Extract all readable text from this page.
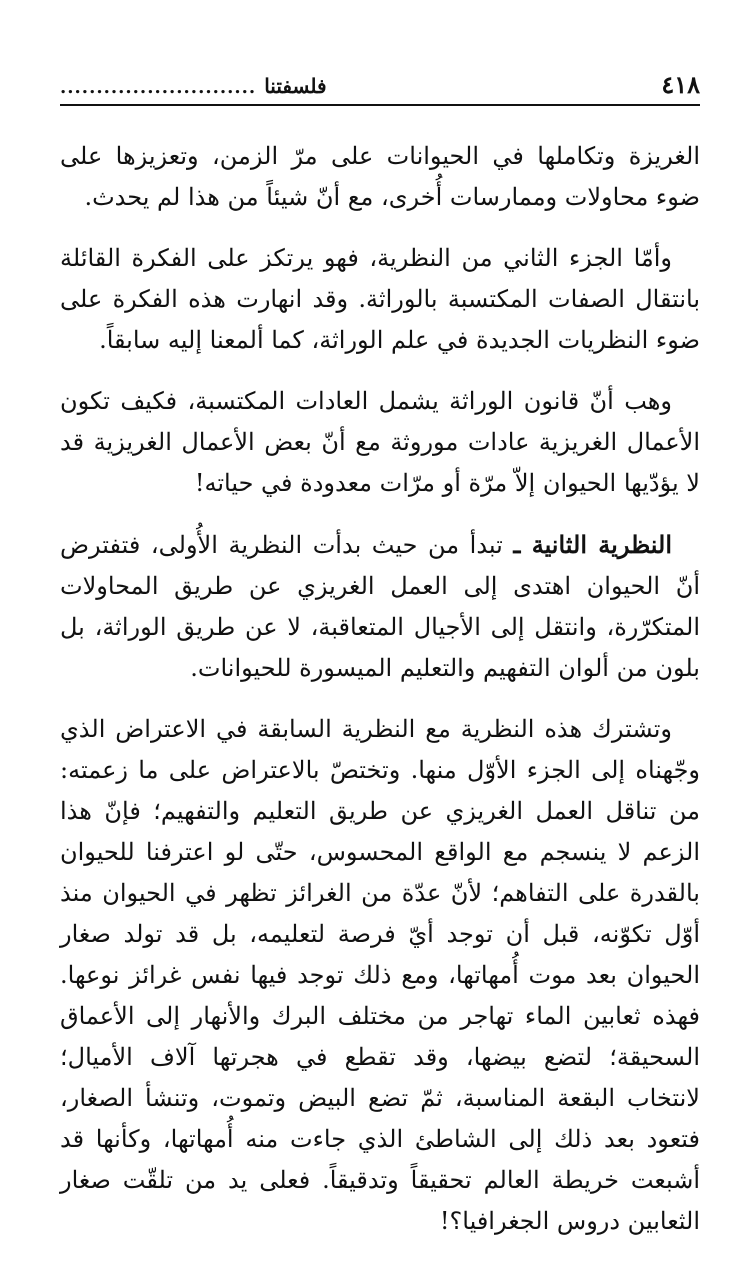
٤١٨
........................... فلسفتنا

الغريزة وتكاملها في الحيوانات على مرّ الزمن، وتعزيزها على ضوء محاولات وممارسات أُخرى، مع أنّ شيئاً من هذا لم يحدث.

وأمّا الجزء الثاني من النظرية، فهو يرتكز على الفكرة القائلة بانتقال الصفات المكتسبة بالوراثة. وقد انهارت هذه الفكرة على ضوء النظريات الجديدة في علم الوراثة، كما ألمعنا إليه سابقاً.

وهب أنّ قانون الوراثة يشمل العادات المكتسبة، فكيف تكون الأعمال الغريزية عادات موروثة مع أنّ بعض الأعمال الغريزية قد لا يؤدّيها الحيوان إلاّ مرّة أو مرّات معدودة في حياته!

النظرية الثانية ـ تبدأ من حيث بدأت النظرية الأُولى، فتفترض أنّ الحيوان اهتدى إلى العمل الغريزي عن طريق المحاولات المتكرّرة، وانتقل إلى الأجيال المتعاقبة، لا عن طريق الوراثة، بل بلون من ألوان التفهيم والتعليم الميسورة للحيوانات.

وتشترك هذه النظرية مع النظرية السابقة في الاعتراض الذي وجّهناه إلى الجزء الأوّل منها. وتختصّ بالاعتراض على ما زعمته: من تناقل العمل الغريزي عن طريق التعليم والتفهيم؛ فإنّ هذا الزعم لا ينسجم مع الواقع المحسوس، حتّى لو اعترفنا للحيوان بالقدرة على التفاهم؛ لأنّ عدّة من الغرائز تظهر في الحيوان منذ أوّل تكوّنه، قبل أن توجد أيّ فرصة لتعليمه، بل قد تولد صغار الحيوان بعد موت أُمهاتها، ومع ذلك توجد فيها نفس غرائز نوعها. فهذه ثعابين الماء تهاجر من مختلف البرك والأنهار إلى الأعماق السحيقة؛ لتضع بيضها، وقد تقطع في هجرتها آلاف الأميال؛ لانتخاب البقعة المناسبة، ثمّ تضع البيض وتموت، وتنشأ الصغار، فتعود بعد ذلك إلى الشاطئ الذي جاءت منه أُمهاتها، وكأنها قد أشبعت خريطة العالم تحقيقاً وتدقيقاً. فعلى يد من تلقّت صغار الثعابين دروس الجغرافيا؟!
